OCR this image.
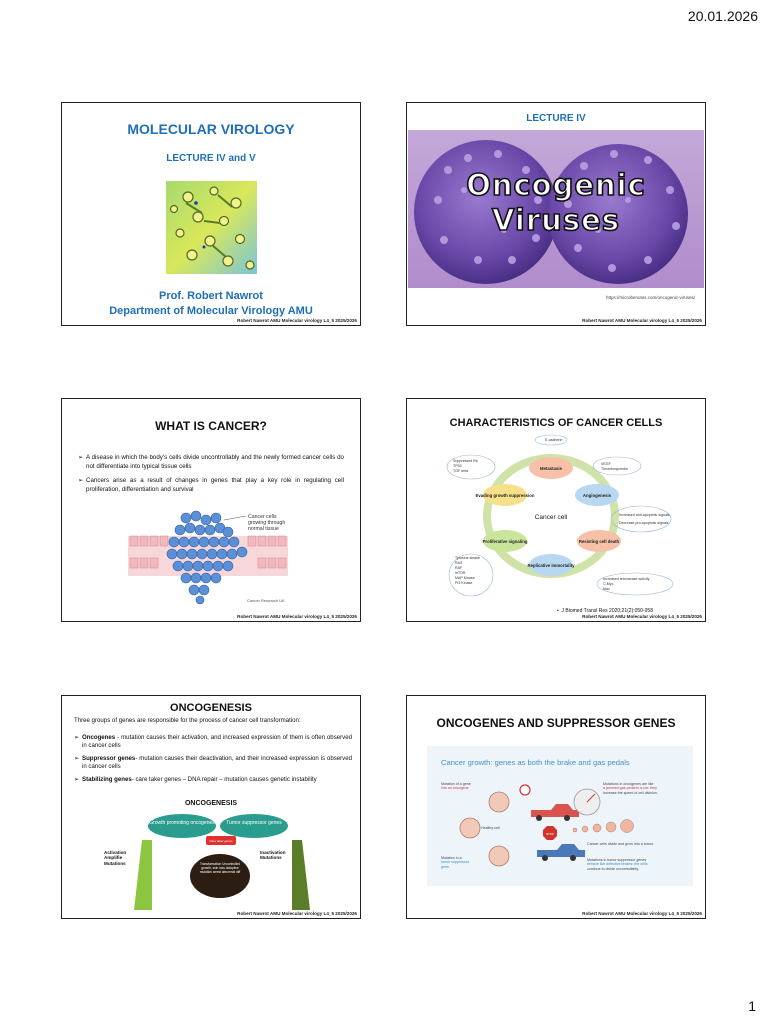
20.01.2026
MOLECULAR VIROLOGY
LECTURE IV and V
Prof. Robert Nawrot
Department of Molecular Virology AMU
Robert Nawrot AMU Molecular virology L4_5 2025/2026
LECTURE IV
Oncogenic
Viruses
https://microbenotes.com/oncogenic-viruses/
Robert Nawrot AMU Molecular virology L4_5 2025/2026
WHAT IS CANCER?
➢ A disease in which the body's cells divide uncontrollably and the newly formed cancer cells do not differentiate into typical tissue cells
➢ Cancers arise as a result of changes in genes that play a key role in regulating cell proliferation, differentiation and survival
Cancer cells growing through normal tissue
Cancer Research UK
Robert Nawrot AMU Molecular virology L4_5 2025/2026
CHARACTERISTICS OF CANCER CELLS
Cancer cell
Metastasis
Angiogenesis
Resisting cell death
Replicative immortality
Proliferative signaling
Evading growth suppression
E-cadherin
Suppressed Rb
TP53
TGF beta
VEGF
Thrombospondin
Increased anti-apoptotic signals
Decrease pro-apoptotic signals
Tyrosine kinase
RAS
RAF
mTOR
MAP Kinase
PI3 Kinase
Increased telomerase activity
C-Myc
Max
•  J Biomed Transl Res 2020;21(2):050-058
Robert Nawrot AMU Molecular virology L4_5 2025/2026
ONCOGENESIS
Three groups of genes are responsible for the process of cancer cell transformation:
➢ Oncogenes - mutation causes their activation, and increased expression of them is often observed in cancer cells
➢ Suppressor genes- mutation causes their deactivation, and their increased expression is observed in cancer cells
➢ Stabilizing genes- care taker genes – DNA repair – mutation causes genetic instability
ONCOGENESIS
Growth promoting oncogenes Tumor suppressor genes
Care taker genes
Transformation Uncontrolled growth, skin loss /adaptive mutation arrest abnormal diff
Activation Amplifie Mutations
Inactivation Mutations
Robert Nawrot AMU Molecular virology L4_5 2025/2026
ONCOGENES AND SUPPRESSOR GENES
Cancer growth: genes as both the brake and gas pedals
Mutation of a gene
into an oncogene
Healthy cell
Mutation in a
tumor suppressor
gene
Mutations in oncogenes are like
a jammed gas pedal in a car: they
increase the speed of cell division.
Cancer cells divide and grow into a tumor.
Mutations in tumor suppressor genes
behave like defective brakes: the cells
continue to divide uncontrollably.
STOP
Robert Nawrot AMU Molecular virology L4_5 2025/2026
1
